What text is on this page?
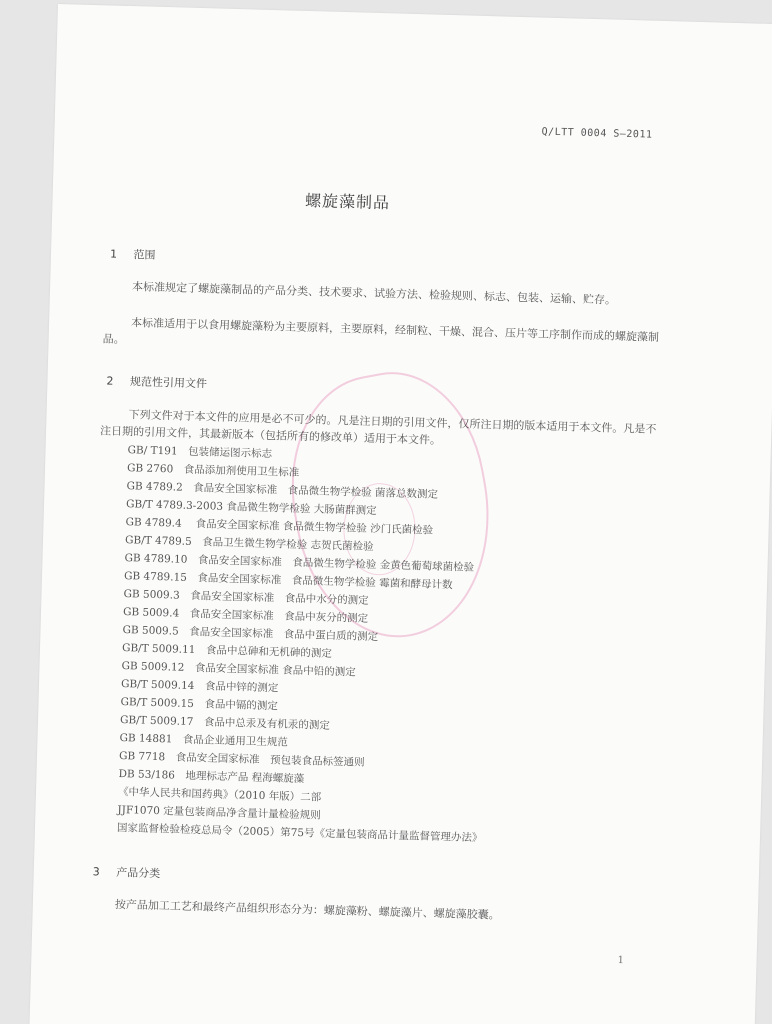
Q/LTT 0004 S—2011
螺旋藻制品
1 范围
本标准规定了螺旋藻制品的产品分类、技术要求、试验方法、检验规则、标志、包装、运输、贮存。
本标准适用于以食用螺旋藻粉为主要原料，主要原料，经制粒、干燥、混合、压片等工序制作而成的螺旋藻制品。
2 规范性引用文件
下列文件对于本文件的应用是必不可少的。凡是注日期的引用文件，仅所注日期的版本适用于本文件。凡是不注日期的引用文件，其最新版本（包括所有的修改单）适用于本文件。
GB/ T191　包装储运图示标志
GB 2760　食品添加剂使用卫生标准
GB 4789.2　食品安全国家标准　食品微生物学检验 菌落总数测定
GB/T 4789.3-2003 食品微生物学检验 大肠菌群测定
GB 4789.4　 食品安全国家标准 食品微生物学检验 沙门氏菌检验
GB/T 4789.5　食品卫生微生物学检验 志贺氏菌检验
GB 4789.10　食品安全国家标准　食品微生物学检验 金黄色葡萄球菌检验
GB 4789.15　食品安全国家标准　食品微生物学检验 霉菌和酵母计数
GB 5009.3　食品安全国家标准　食品中水分的测定
GB 5009.4　食品安全国家标准　食品中灰分的测定
GB 5009.5　食品安全国家标准　食品中蛋白质的测定
GB/T 5009.11　食品中总砷和无机砷的测定
GB 5009.12　食品安全国家标准 食品中铅的测定
GB/T 5009.14　食品中锌的测定
GB/T 5009.15　食品中镉的测定
GB/T 5009.17　食品中总汞及有机汞的测定
GB 14881　食品企业通用卫生规范
GB 7718　食品安全国家标准　预包装食品标签通则
DB 53/186　地理标志产品 程海螺旋藻
《中华人民共和国药典》（2010 年版）二部
JJF1070 定量包装商品净含量计量检验规则
国家监督检验检疫总局令（2005）第75号《定量包装商品计量监督管理办法》
3 产品分类
按产品加工工艺和最终产品组织形态分为：螺旋藻粉、螺旋藻片、螺旋藻胶囊。
1
